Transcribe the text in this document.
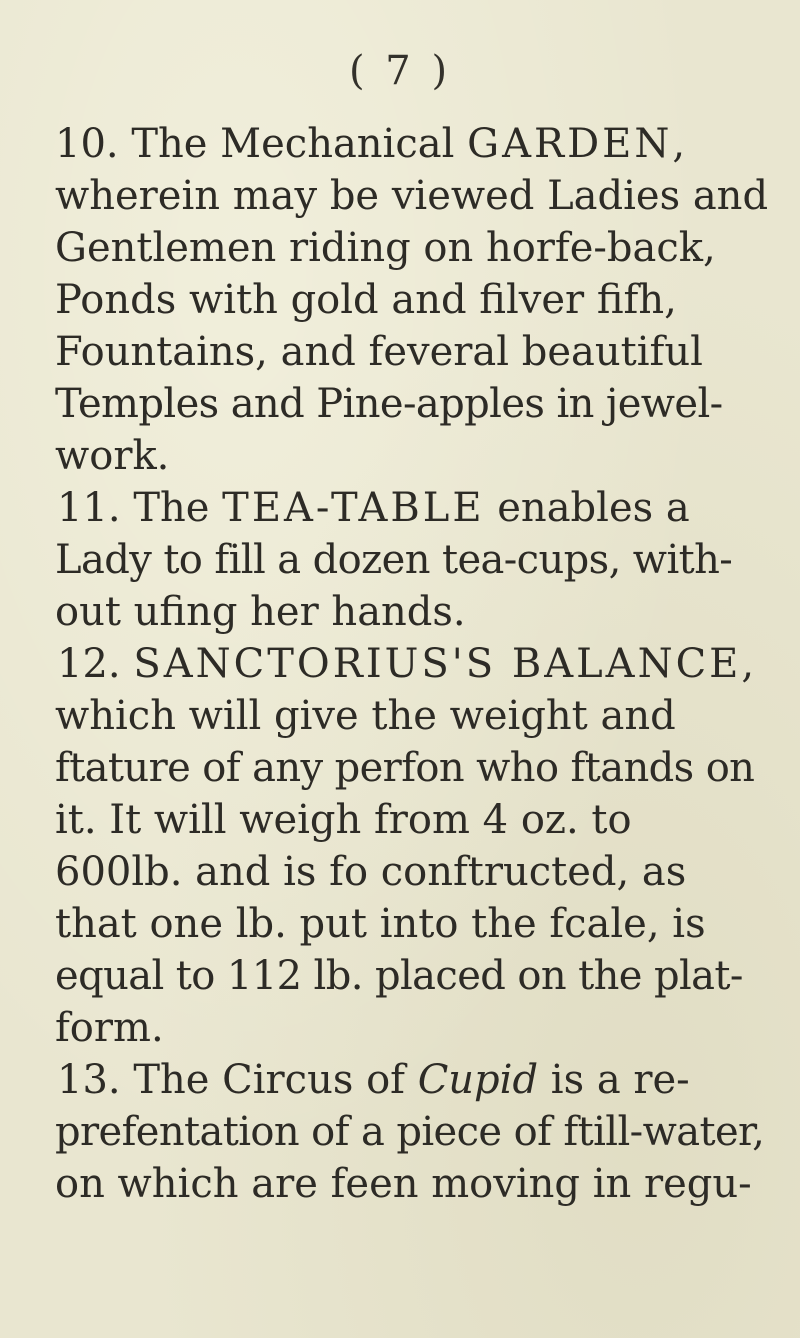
( 7 )
10. The Mechanical GARDEN,
wherein may be viewed Ladies and
Gentlemen riding on horfe-back,
Ponds with gold and filver fifh,
Fountains, and feveral beautiful
Temples and Pine-apples in jewel-
work.
11. The TEA-TABLE enables a
Lady to fill a dozen tea-cups, with-
out ufing her hands.
12. SANCTORIUS'S BALANCE,
which will give the weight and
ftature of any perfon who ftands on
it. It will weigh from 4 oz. to
600lb. and is fo conftructed, as
that one lb. put into the fcale, is
equal to 112 lb. placed on the plat-
form.
13. The Circus of Cupid is a re-
prefentation of a piece of ftill-water,
on which are feen moving in regu-
